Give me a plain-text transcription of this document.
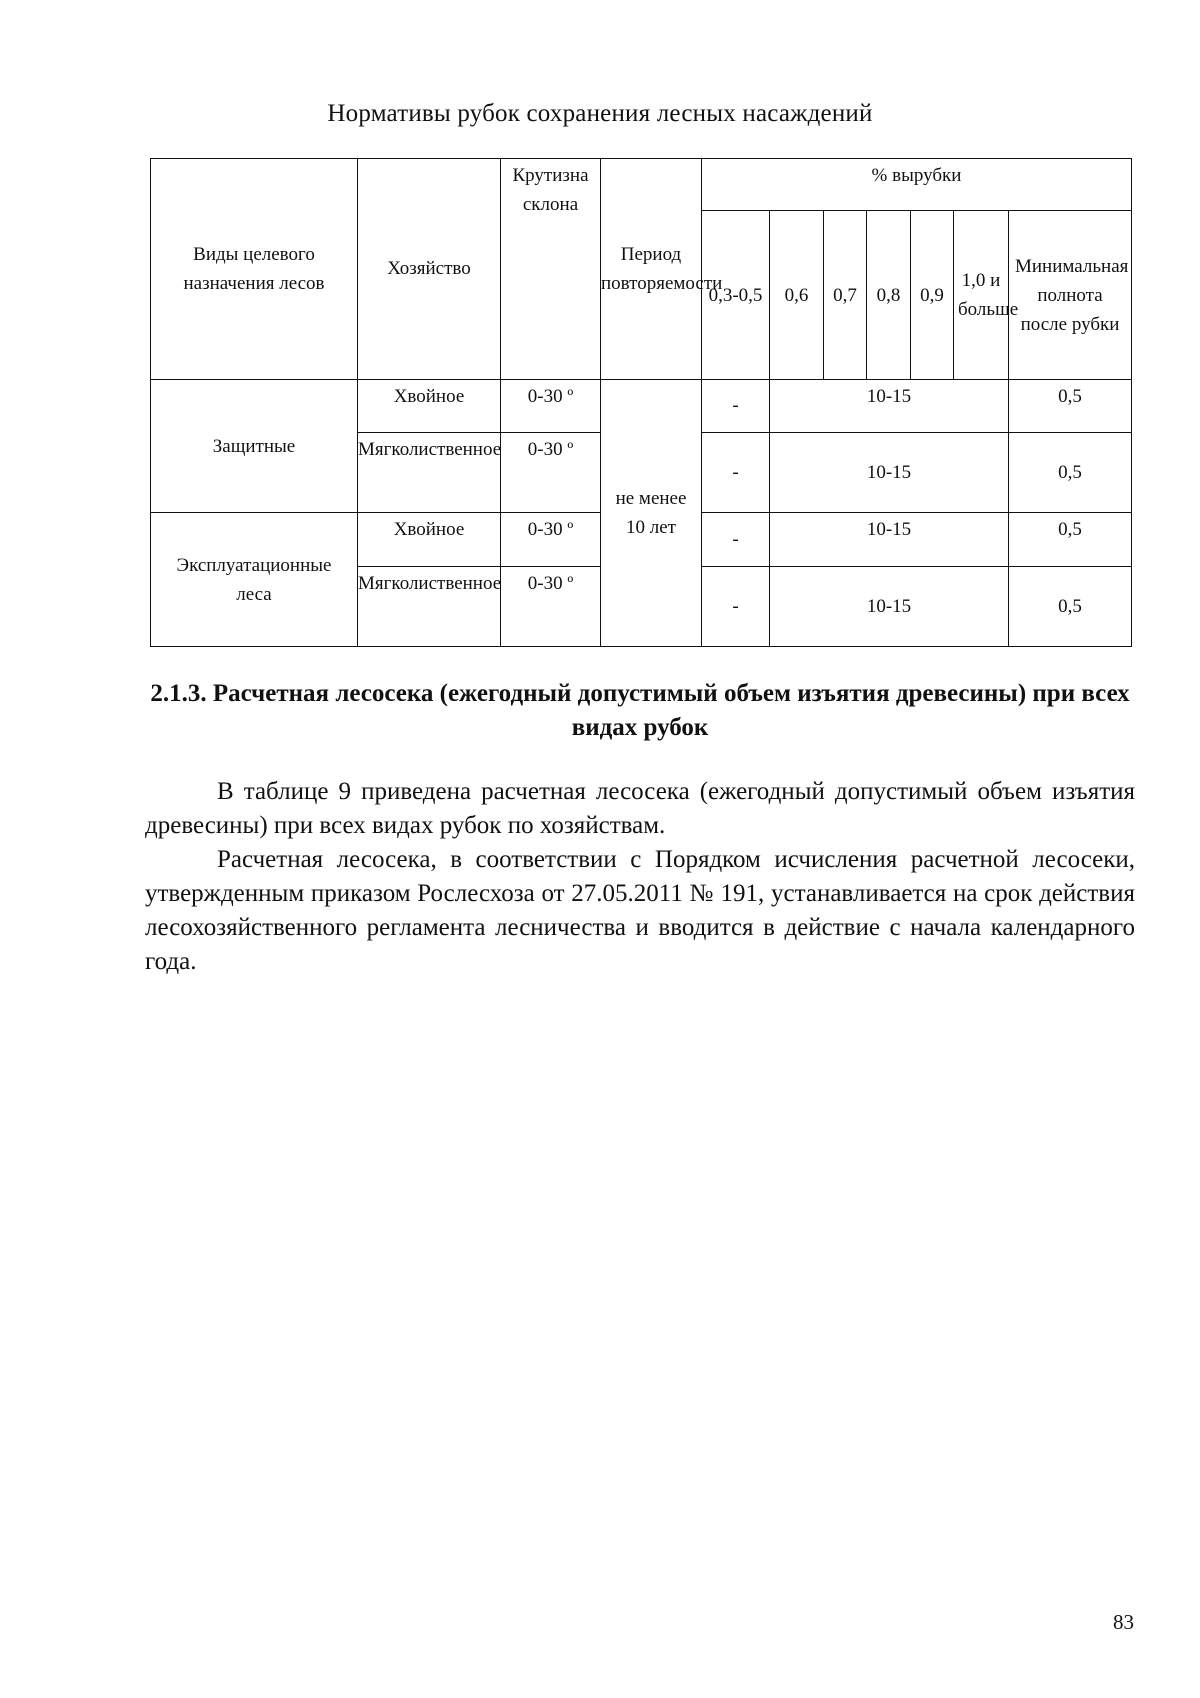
Нормативы рубок сохранения лесных насаждений
Виды целевого назначения лесов	Хозяйство	Крутизна склона	Период повторяемости	% вырубки						
				0,3-0,5	0,6	0,7	0,8	0,9	1,0 и больше	Минимальная полнота после рубки
Защитные	Хвойное	0-30 º	не менее 10 лет	-	10-15					0,5
	Мягколиственное	0-30 º		-	10-15					0,5
Эксплуатационные леса	Хвойное	0-30 º		-	10-15					0,5
	Мягколиственное	0-30 º		-	10-15					0,5
2.1.3. Расчетная лесосека (ежегодный допустимый объем изъятия древесины) при всех видах рубок

В таблице 9 приведена расчетная лесосека (ежегодный допустимый объем изъятия древесины) при всех видах рубок по хозяйствам.

Расчетная лесосека, в соответствии с Порядком исчисления расчетной лесосеки, утвержденным приказом Рослесхоза от 27.05.2011 № 191, устанавливается на срок действия лесохозяйственного регламента лесничества и вводится в действие с начала календарного года.

83
